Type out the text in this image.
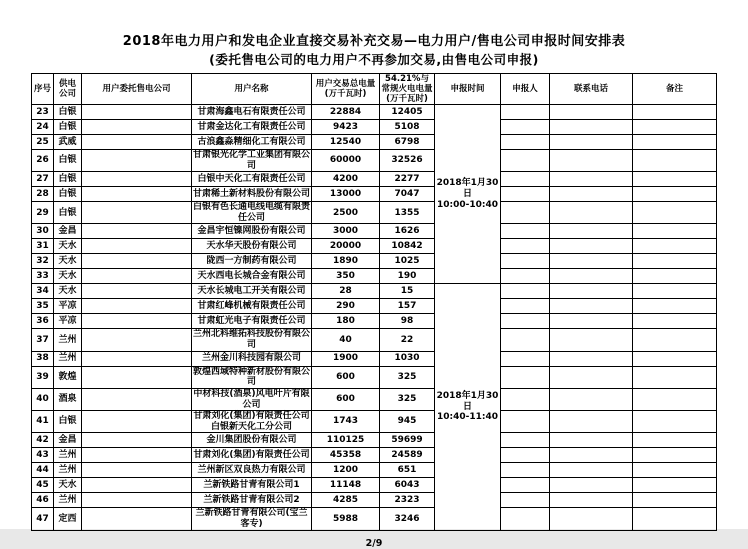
2018年电力用户和发电企业直接交易补充交易—电力用户/售电公司申报时间安排表
(委托售电公司的电力用户不再参加交易,由售电公司申报)
序号	供电公司	用户委托售电公司	用户名称	用户交易总电量(万千瓦时)	54.21%与常规火电电量(万千瓦时)	申报时间	申报人	联系电话	备注
23	白银		甘肃海鑫电石有限责任公司	22884	12405	2018年1月30日
10:00-10:40			

24	白银		甘肃金达化工有限责任公司	9423	5108				
25	武威		古浪鑫淼精细化工有限公司	12540	6798				
26	白银		甘肃银光化学工业集团有限公司	60000	32526				
27	白银		白银中天化工有限责任公司	4200	2277				
28	白银		甘肃稀土新材料股份有限公司	13000	7047				
29	白银		白银有色长通电线电缆有限责任公司	2500	1355				
30	金昌		金昌宇恒镍网股份有限公司	3000	1626				
31	天水		天水华天股份有限公司	20000	10842				
32	天水		陇西一方制药有限公司	1890	1025				
33	天水		天水西电长城合金有限公司	350	190				
34	天水		天水长城电工开关有限公司	28	15	2018年1月30日
10:40-11:40			

35	平凉		甘肃红峰机械有限责任公司	290	157				
36	平凉		甘肃虹光电子有限责任公司	180	98				
37	兰州		兰州北科维拓科技股份有限公司	40	22				
38	兰州		兰州金川科技园有限公司	1900	1030				
39	敦煌		敦煌西域特种新材股份有限公司	600	325				
40	酒泉		中材科技(酒泉)风电叶片有限公司	600	325				
41	白银		甘肃刘化(集团)有限责任公司白银新天化工分公司	1743	945				
42	金昌		金川集团股份有限公司	110125	59699				
43	兰州		甘肃刘化(集团)有限责任公司	45358	24589				
44	兰州		兰州新区双良热力有限公司	1200	651				
45	天水		兰新铁路甘青有限公司1	11148	6043				
46	兰州		兰新铁路甘青有限公司2	4285	2323				
47	定西		兰新铁路甘青有限公司(宝兰客专)	5988	3246				
2/9
